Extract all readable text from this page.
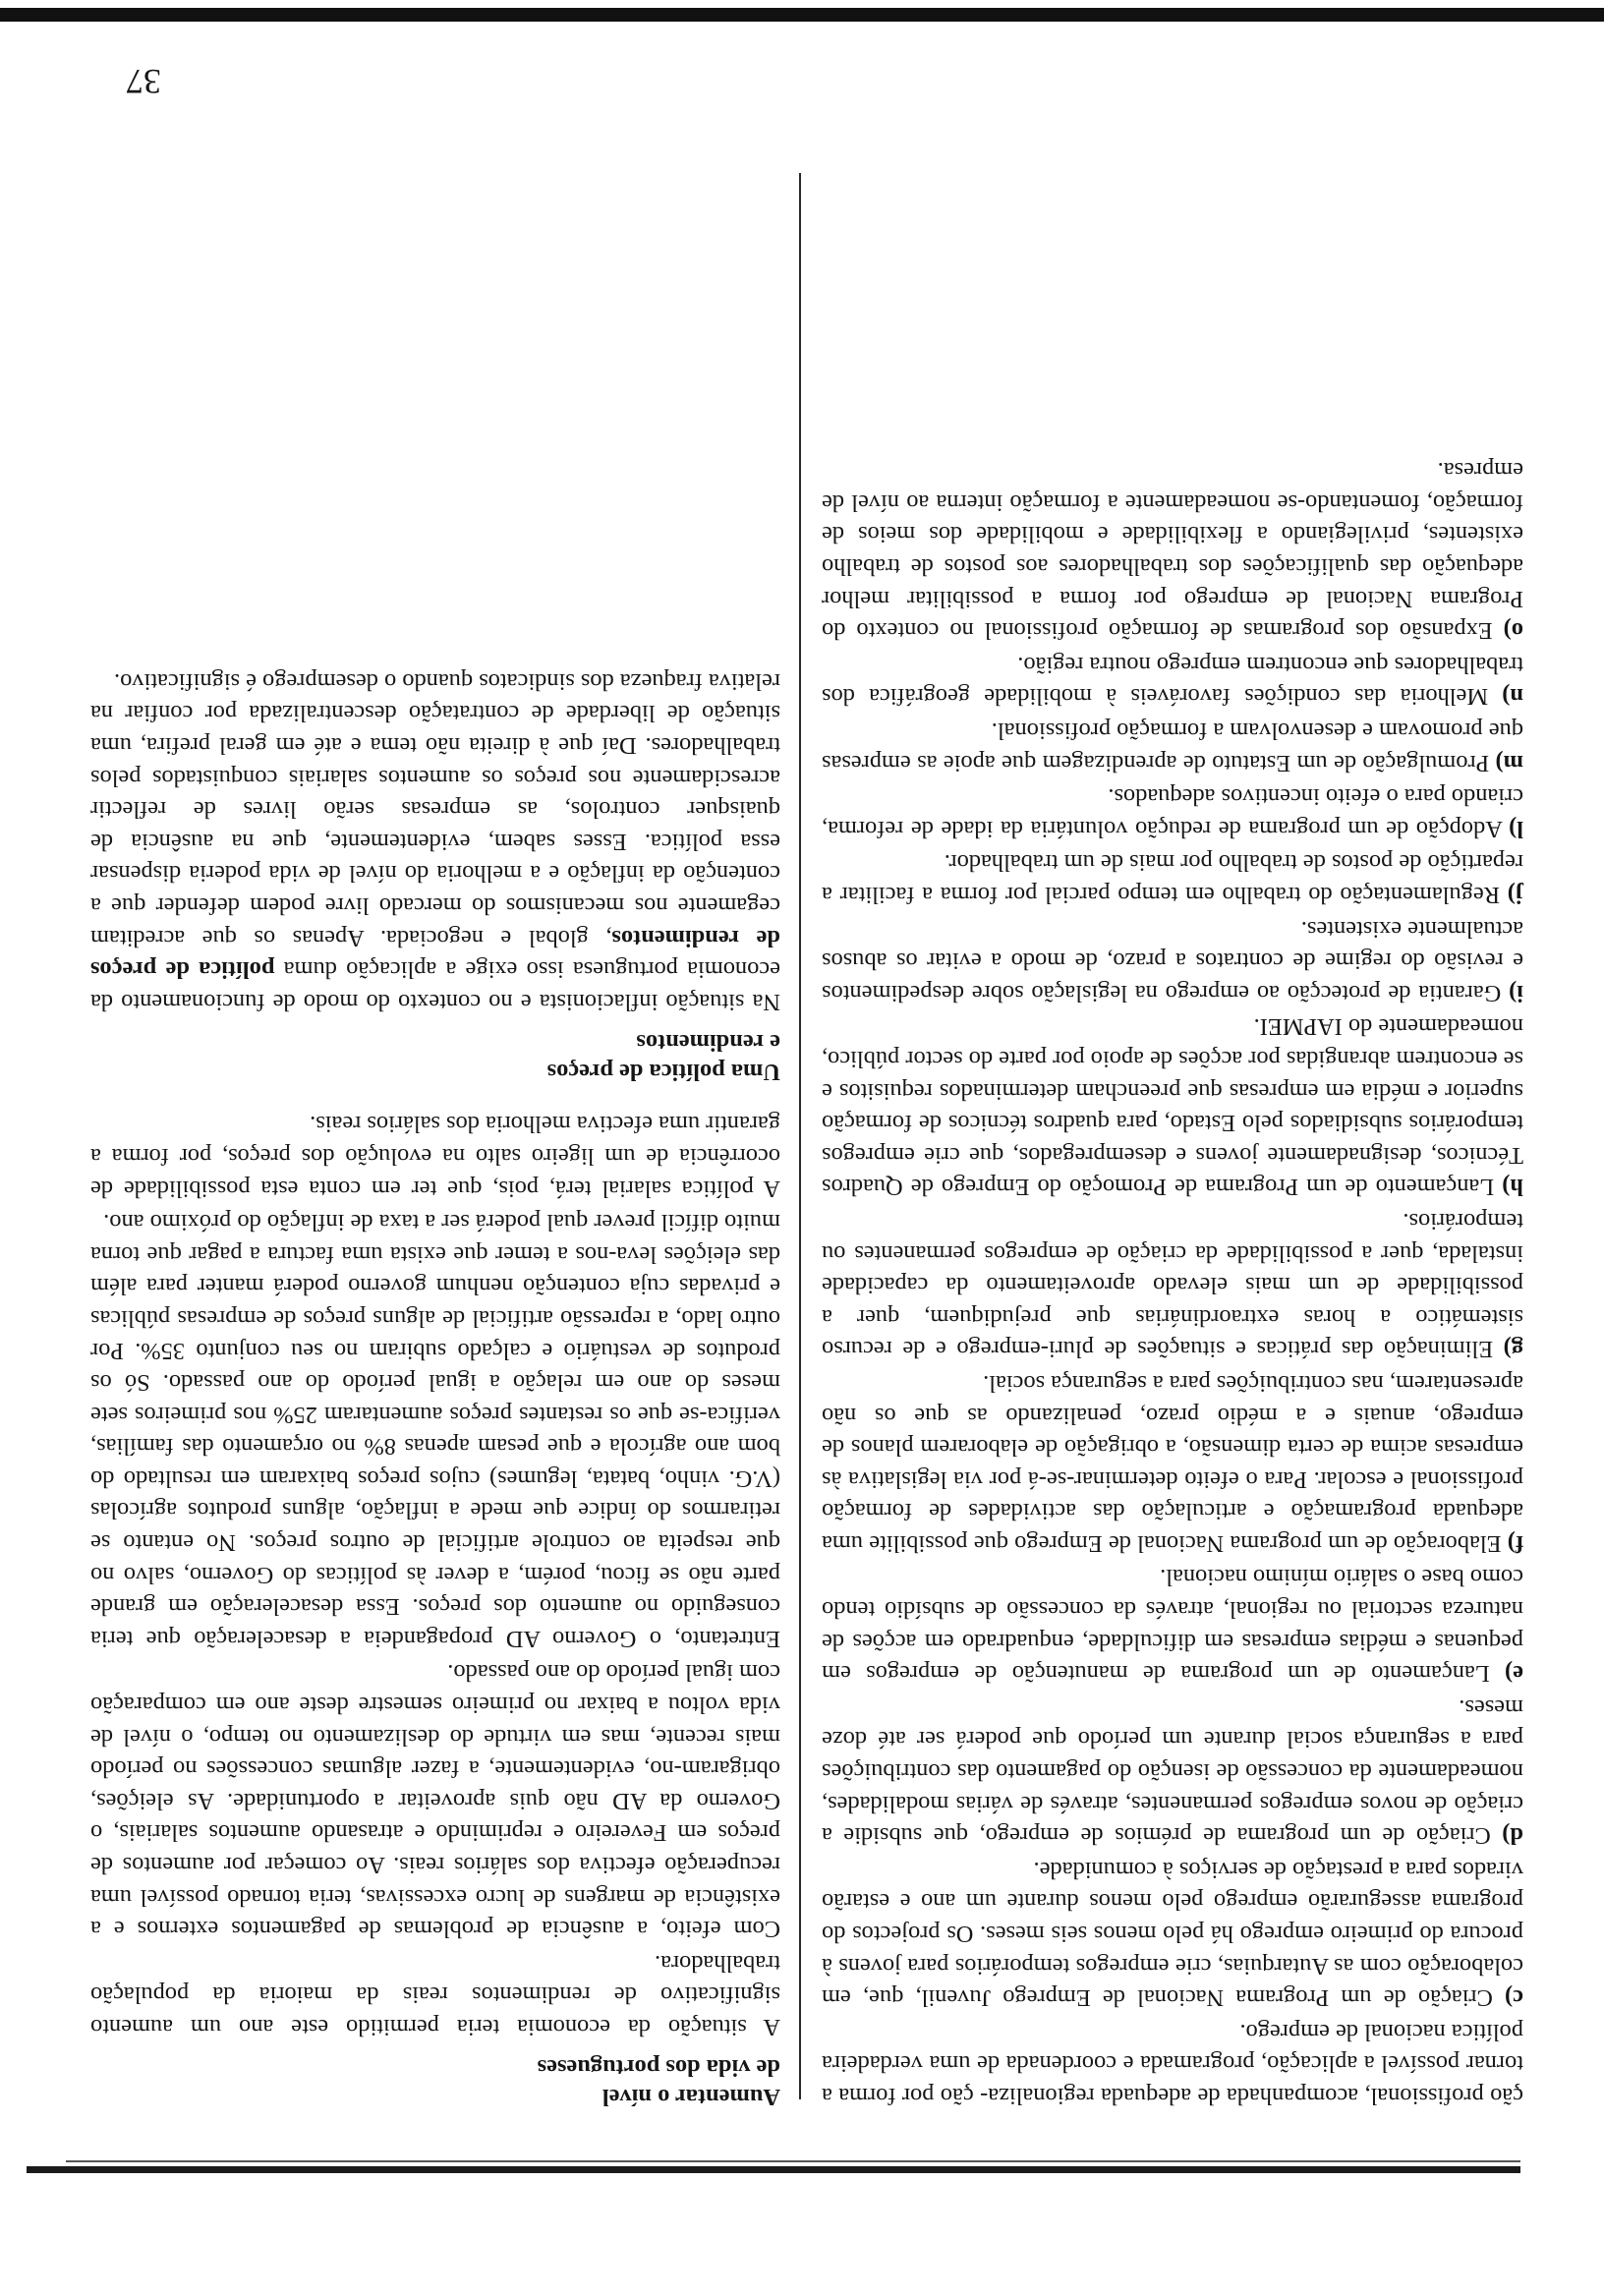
ção profissional, acompanhada de adequada regionaliza- ção por forma a tornar possível a aplicação, programada e coordenada de uma verdadeira política nacional de emprego.

c) Criação de um Programa Nacional de Emprego Juvenil, que, em colaboração com as Autarquias, crie empregos temporários para jovens à procura do primeiro emprego há pelo menos seis meses. Os projectos do programa assegurarão emprego pelo menos durante um ano e estarão virados para a prestação de serviços à comunidade.

d) Criação de um programa de prémios de emprego, que subsidie a criação de novos empregos permanentes, através de várias modalidades, nomeadamente da concessão de isenção do pagamento das contribuições para a segurança social durante um período que poderá ser até doze meses.

e) Lançamento de um programa de manutenção de empregos em pequenas e médias empresas em dificuldade, enquadrado em acções de natureza sectorial ou regional, através da concessão de subsídio tendo como base o salário mínimo nacional.

f) Elaboração de um programa Nacional de Emprego que possibilite uma adequada programação e articulação das actividades de formação profissional e escolar. Para o efeito determinar-se-á por via legislativa às empresas acima de certa dimensão, a obrigação de elaborarem planos de emprego, anuais e a médio prazo, penalizando as que os não apresentarem, nas contribuições para a segurança social.

g) Eliminação das práticas e situações de pluri-emprego e de recurso sistemático a horas extraordinárias que prejudiquem, quer a possibilidade de um mais elevado aproveitamento da capacidade instalada, quer a possibilidade da criação de empregos permanentes ou temporários.

h) Lançamento de um Programa de Promoção do Emprego de Quadros Técnicos, designadamente jovens e desempregados, que crie empregos temporários subsidiados pelo Estado, para quadros técnicos de formação superior e média em empresas que preencham determinados requisitos e se encontrem abrangidas por acções de apoio por parte do sector público, nomeadamente do IAPMEI.

i) Garantia de protecção ao emprego na legislação sobre despedimentos e revisão do regime de contratos a prazo, de modo a evitar os abusos actualmente existentes.

j) Regulamentação do trabalho em tempo parcial por forma a facilitar a repartição de postos de trabalho por mais de um trabalhador.

l) Adopção de um programa de redução voluntária da idade de reforma, criando para o efeito incentivos adequados.

m) Promulgação de um Estatuto de aprendizagem que apoie as empresas que promovam e desenvolvam a formação profissional.

n) Melhoria das condições favoráveis à mobilidade geográfica dos trabalhadores que encontrem emprego noutra região.

o) Expansão dos programas de formação profissional no contexto do Programa Nacional de emprego por forma a possibilitar melhor adequação das qualificações dos trabalhadores aos postos de trabalho existentes, privilegiando a flexibilidade e mobilidade dos meios de formação, fomentando-se nomeadamente a formação interna ao nível de empresa.

Aumentar o nível
de vida dos portugueses

A situação da economia teria permitido este ano um aumento significativo de rendimentos reais da maioria da população trabalhadora.

Com efeito, a ausência de problemas de pagamentos externos e a existência de margens de lucro excessivas, teria tornado possível uma recuperação efectiva dos salários reais. Ao começar por aumentos de preços em Fevereiro e reprimindo e atrasando aumentos salariais, o Governo da AD não quis aproveitar a oportunidade. As eleições, obrigaram-no, evidentemente, a fazer algumas concessões no período mais recente, mas em virtude do deslizamento no tempo, o nível de vida voltou a baixar no primeiro semestre deste ano em comparação com igual período do ano passado.

Entretanto, o Governo AD propagandeia a desaceleração que teria conseguido no aumento dos preços. Essa desaceleração em grande parte não se ficou, porém, a dever às políticas do Governo, salvo no que respeita ao controle artificial de outros preços. No entanto se retirarmos do índice que mede a inflação, alguns produtos agrícolas (V.G. vinho, batata, legumes) cujos preços baixaram em resultado do bom ano agrícola e que pesam apenas 8% no orçamento das famílias, verifica-se que os restantes preços aumentaram 25% nos primeiros sete meses do ano em relação a igual período do ano passado. Só os produtos de vestuário e calçado subiram no seu conjunto 35%. Por outro lado, a repressão artificial de alguns preços de empresas públicas e privadas cuja contenção nenhum governo poderá manter para além das eleições leva-nos a temer que exista uma factura a pagar que torna muito difícil prever qual poderá ser a taxa de inflação do próximo ano.

A política salarial terá, pois, que ter em conta esta possibilidade de ocorrência de um ligeiro salto na evolução dos preços, por forma a garantir uma efectiva melhoria dos salários reais.

Uma política de preços
e rendimentos

Na situação inflacionista e no contexto do modo de funcionamento da economia portuguesa isso exige a aplicação duma política de preços de rendimentos, global e negociada. Apenas os que acreditam cegamente nos mecanismos do mercado livre podem defender que a contenção da inflação e a melhoria do nível de vida poderia dispensar essa política. Esses sabem, evidentemente, que na ausência de quaisquer controlos, as empresas serão livres de reflectir acrescidamente nos preços os aumentos salariais conquistados pelos trabalhadores. Daí que à direita não tema e até em geral prefira, uma situação de liberdade de contratação descentralizada por confiar na relativa fraqueza dos sindicatos quando o desemprego é significativo.

37
